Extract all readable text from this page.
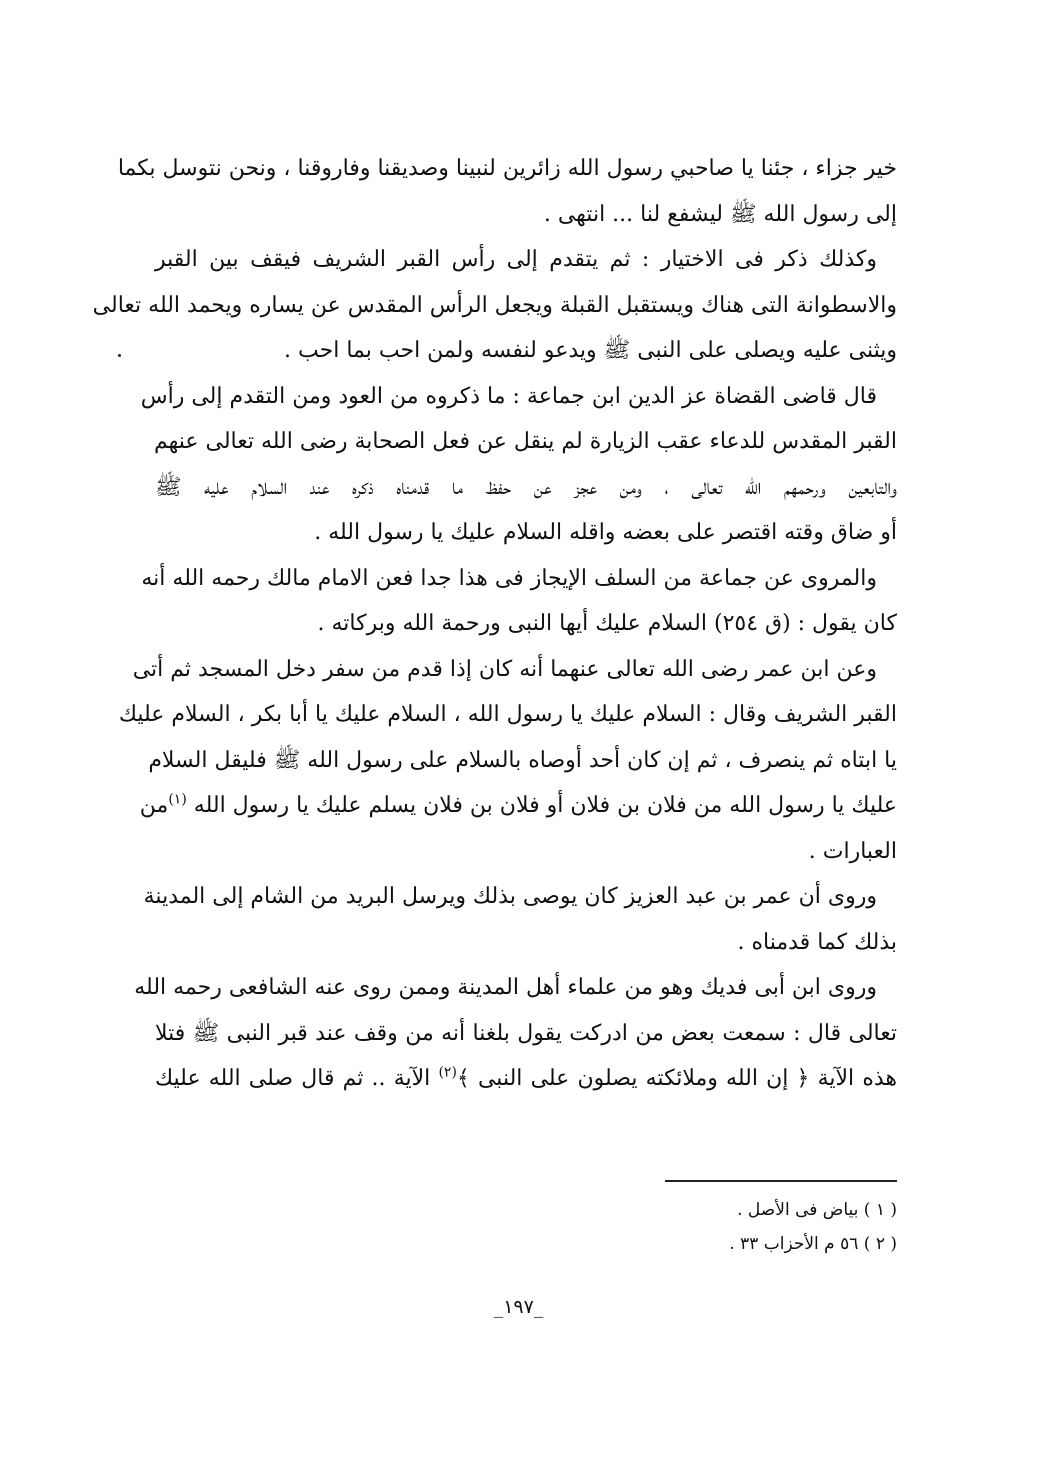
خير جزاء ، جئنا يا صاحبي رسول الله زائرين لنبينا وصديقنا وفاروقنا ، ونحن نتوسل بكما
إلى رسول الله ﷺ ليشفع لنا ... انتهى .
وكذلك ذكر فى الاختيار : ثم يتقدم إلى رأس القبر الشريف فيقف بين القبر
والاسطوانة التى هناك ويستقبل القبلة ويجعل الرأس المقدس عن يساره ويحمد الله تعالى
ويثنى عليه ويصلى على النبى ﷺ ويدعو لنفسه ولمن احب بما احب .
قال قاضى القضاة عز الدين ابن جماعة : ما ذكروه من العود ومن التقدم إلى رأس
القبر المقدس للدعاء عقب الزيارة لم ينقل عن فعل الصحابة رضى الله تعالى عنهم
والتابعين ورحمهم الله تعالى ، ومن عجز عن حفظ ما قدمناه ذكره عند السلام عليه ﷺ
أو ضاق وقته اقتصر على بعضه واقله السلام عليك يا رسول الله .
والمروى عن جماعة من السلف الإيجاز فى هذا جدا فعن الامام مالك رحمه الله أنه
كان يقول : (ق ٢٥٤) السلام عليك أيها النبى ورحمة الله وبركاته .
وعن ابن عمر رضى الله تعالى عنهما أنه كان إذا قدم من سفر دخل المسجد ثم أتى
القبر الشريف وقال : السلام عليك يا رسول الله ، السلام عليك يا أبا بكر ، السلام عليك
يا ابتاه ثم ينصرف ، ثم إن كان أحد أوصاه بالسلام على رسول الله ﷺ فليقل السلام
عليك يا رسول الله من فلان بن فلان أو فلان بن فلان يسلم عليك يا رسول الله $^{(١)}$من
العبارات .
وروى أن عمر بن عبد العزيز كان يوصى بذلك ويرسل البريد من الشام إلى المدينة
بذلك كما قدمناه .
وروى ابن أبى فديك وهو من علماء أهل المدينة وممن روى عنه الشافعى رحمه الله
تعالى قال : سمعت بعض من ادركت يقول بلغنا أنه من وقف عند قبر النبى ﷺ فتلا
هذه الآية ﴿ إن الله وملائكته يصلون على النبى ﴾$^{(٢)}$ الآية .. ثم قال صلى الله عليك
( ١ ) بياض فى الأصل .
( ٢ ) ٥٦ م الأحزاب ٣٣ .
_١٩٧_
